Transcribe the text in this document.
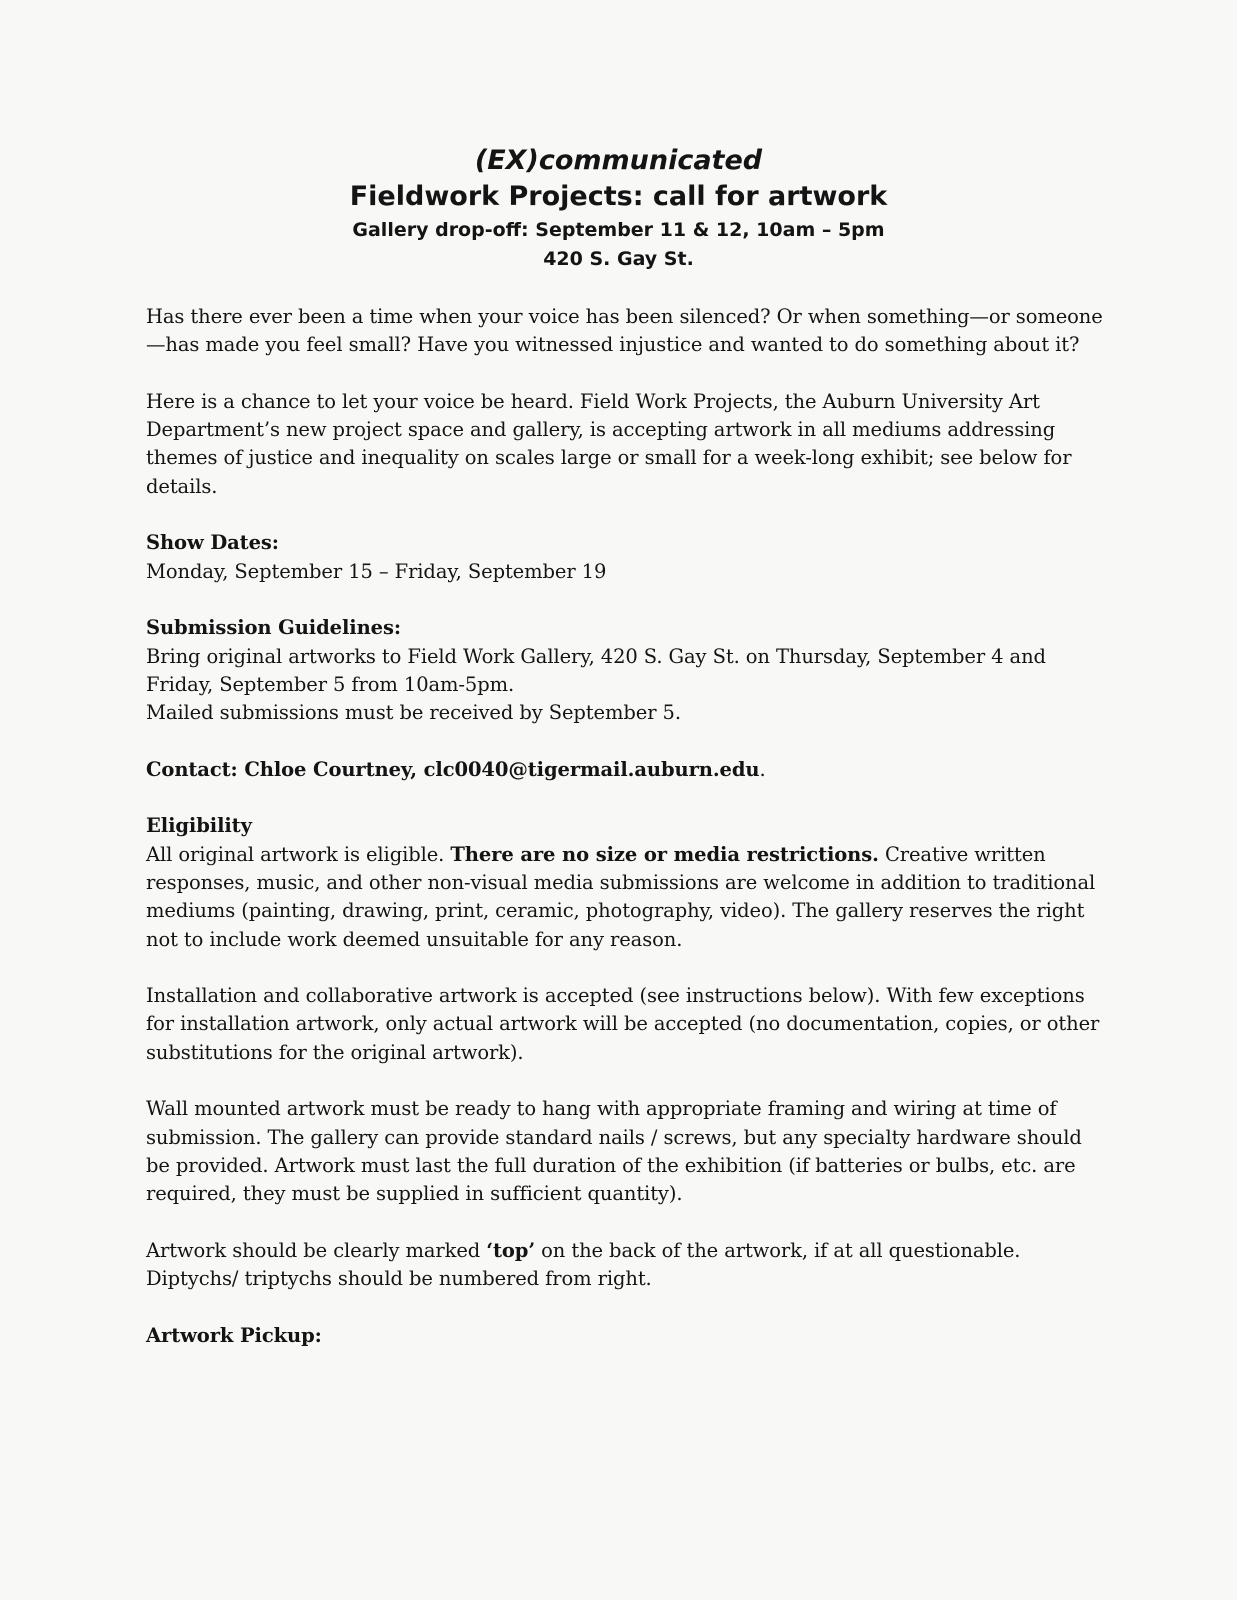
(EX)communicated

Fieldwork Projects: call for artwork

Gallery drop-off: September 11 & 12, 10am – 5pm

420 S. Gay St.

Has there ever been a time when your voice has been silenced? Or when something—or someone—has made you feel small? Have you witnessed injustice and wanted to do something about it?

Here is a chance to let your voice be heard. Field Work Projects, the Auburn University Art Department’s new project space and gallery, is accepting artwork in all mediums addressing themes of justice and inequality on scales large or small for a week-long exhibit; see below for details.

Show Dates:
Monday, September 15 – Friday, September 19

Submission Guidelines:
Bring original artworks to Field Work Gallery, 420 S. Gay St. on Thursday, September 4 and Friday, September 5 from 10am-5pm.
Mailed submissions must be received by September 5.

Contact: Chloe Courtney, clc0040@tigermail.auburn.edu.

Eligibility
All original artwork is eligible. There are no size or media restrictions. Creative written responses, music, and other non-visual media submissions are welcome in addition to traditional mediums (painting, drawing, print, ceramic, photography, video). The gallery reserves the right not to include work deemed unsuitable for any reason.

Installation and collaborative artwork is accepted (see instructions below). With few exceptions for installation artwork, only actual artwork will be accepted (no documentation, copies, or other substitutions for the original artwork).

Wall mounted artwork must be ready to hang with appropriate framing and wiring at time of submission. The gallery can provide standard nails / screws, but any specialty hardware should be provided. Artwork must last the full duration of the exhibition (if batteries or bulbs, etc. are required, they must be supplied in sufficient quantity).

Artwork should be clearly marked ‘top’ on the back of the artwork, if at all questionable. Diptychs/ triptychs should be numbered from right.

Artwork Pickup:
